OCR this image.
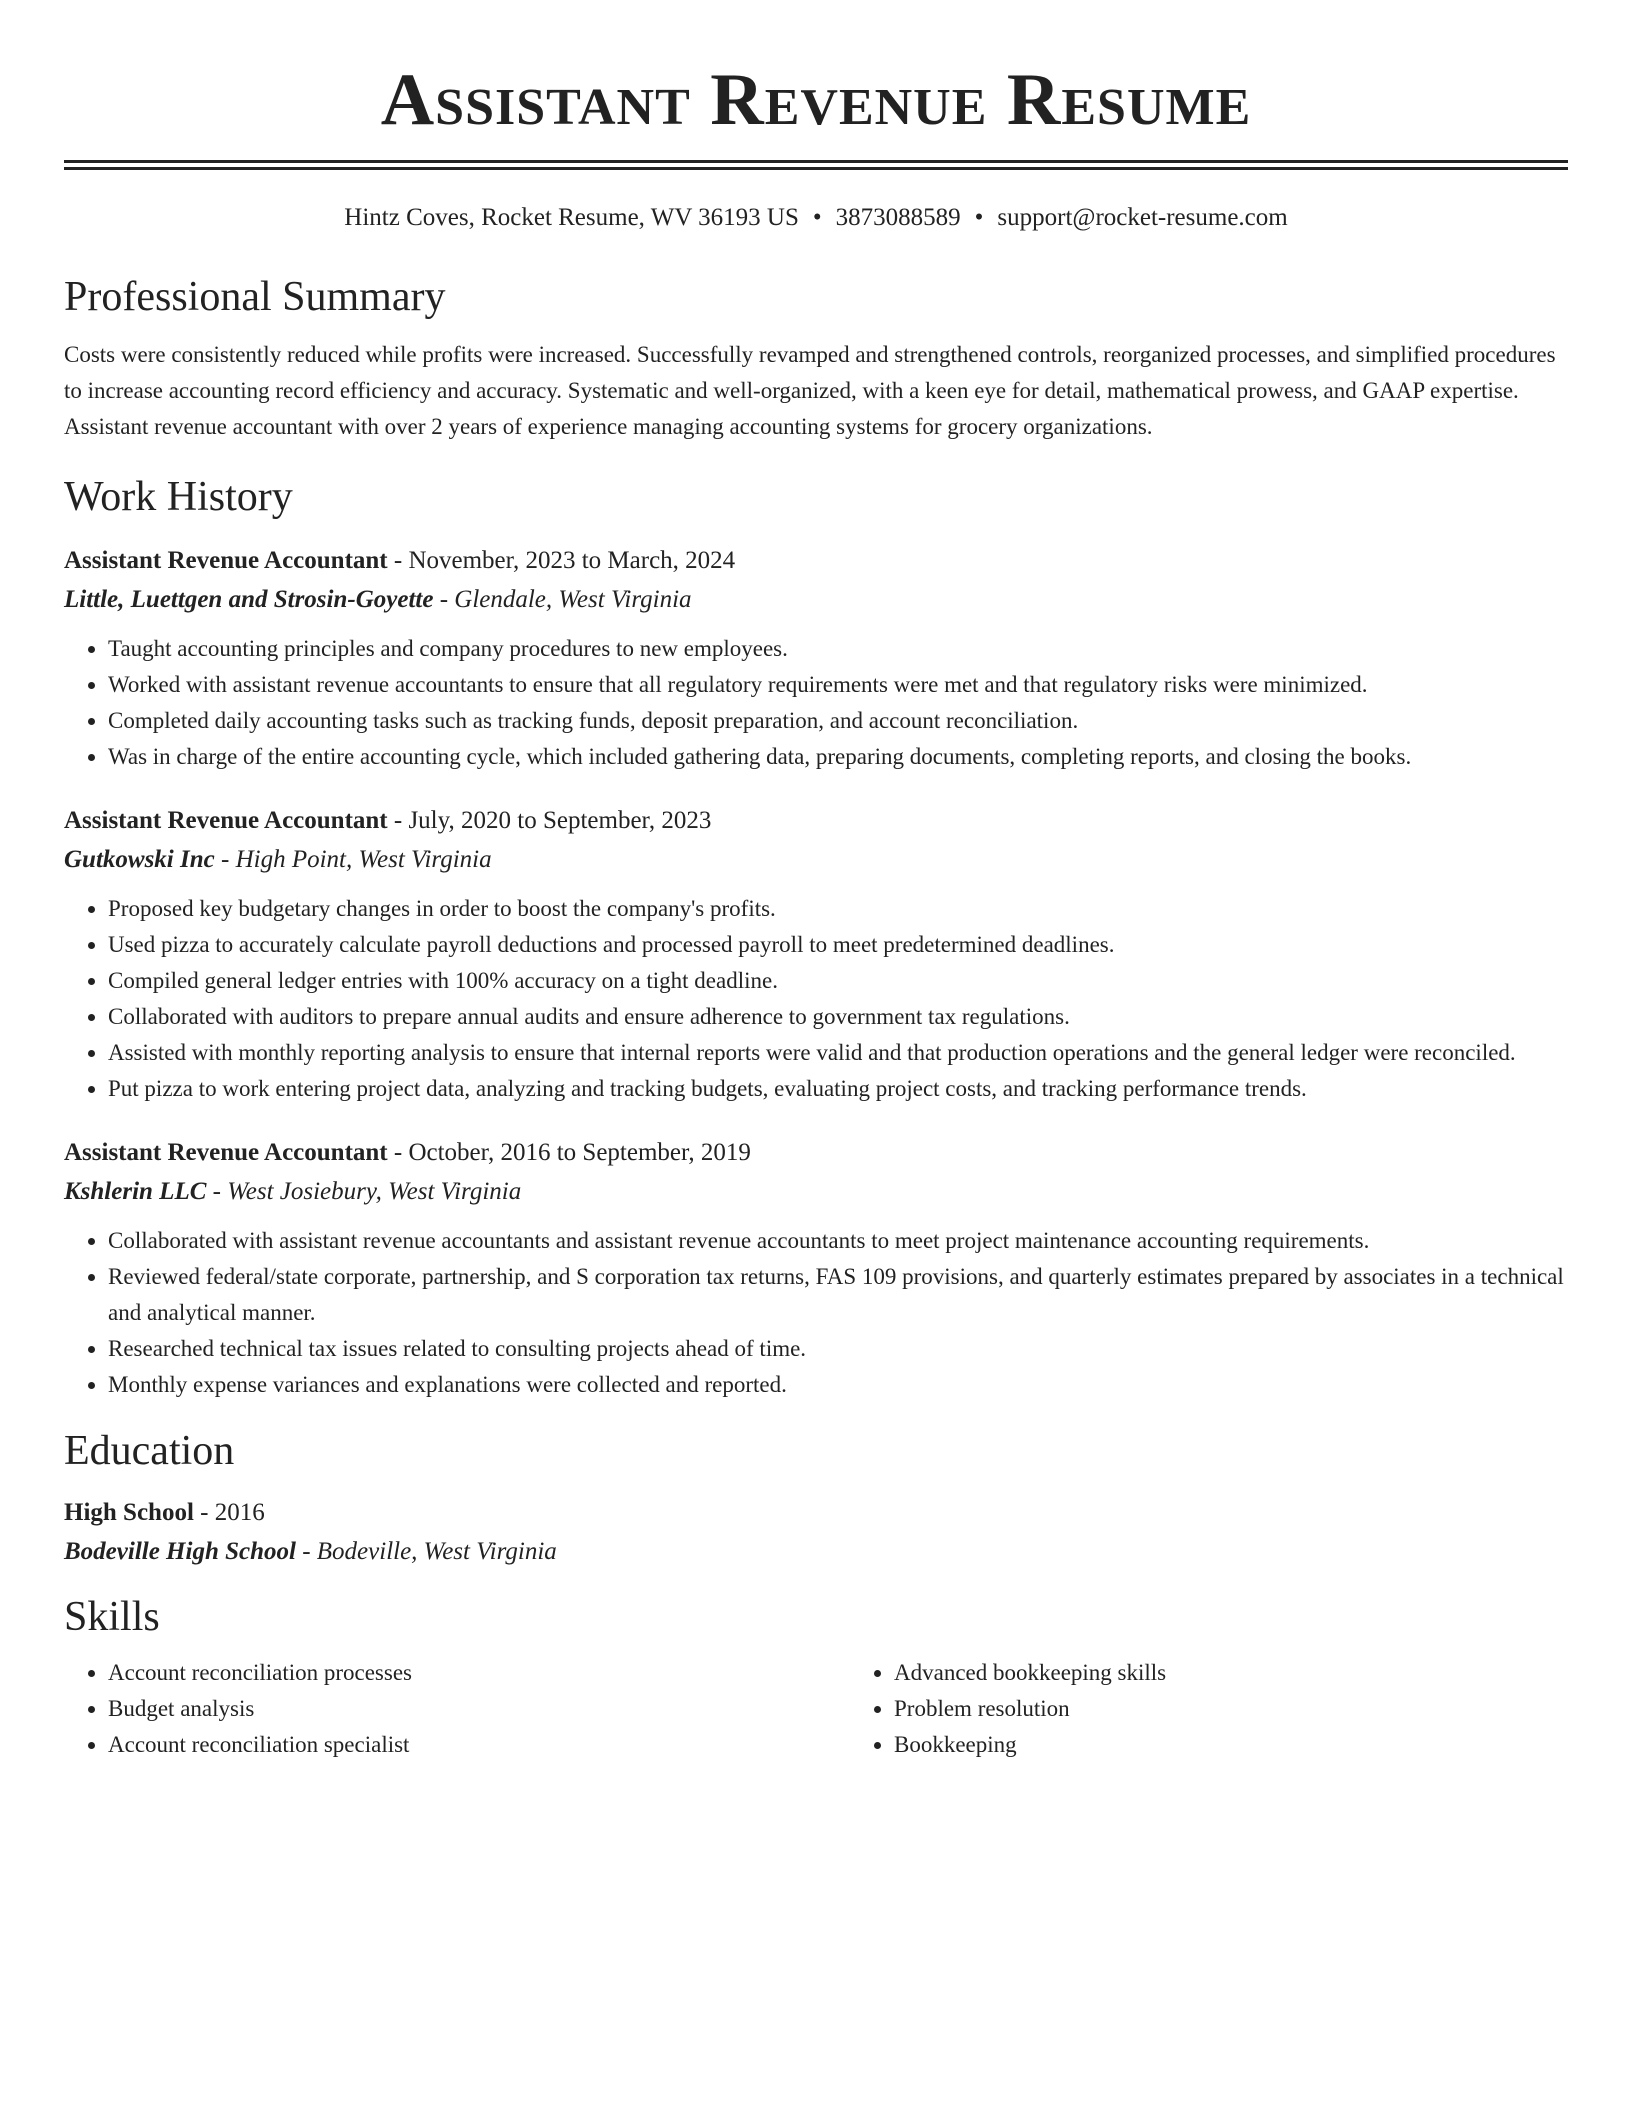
Assistant Revenue Resume
Hintz Coves, Rocket Resume, WV 36193 US • 3873088589 • support@rocket-resume.com
Professional Summary
Costs were consistently reduced while profits were increased. Successfully revamped and strengthened controls, reorganized processes, and simplified procedures to increase accounting record efficiency and accuracy. Systematic and well-organized, with a keen eye for detail, mathematical prowess, and GAAP expertise. Assistant revenue accountant with over 2 years of experience managing accounting systems for grocery organizations.
Work History
Assistant Revenue Accountant - November, 2023 to March, 2024
Little, Luettgen and Strosin-Goyette - Glendale, West Virginia
• Taught accounting principles and company procedures to new employees.
• Worked with assistant revenue accountants to ensure that all regulatory requirements were met and that regulatory risks were minimized.
• Completed daily accounting tasks such as tracking funds, deposit preparation, and account reconciliation.
• Was in charge of the entire accounting cycle, which included gathering data, preparing documents, completing reports, and closing the books.
Assistant Revenue Accountant - July, 2020 to September, 2023
Gutkowski Inc - High Point, West Virginia
• Proposed key budgetary changes in order to boost the company's profits.
• Used pizza to accurately calculate payroll deductions and processed payroll to meet predetermined deadlines.
• Compiled general ledger entries with 100% accuracy on a tight deadline.
• Collaborated with auditors to prepare annual audits and ensure adherence to government tax regulations.
• Assisted with monthly reporting analysis to ensure that internal reports were valid and that production operations and the general ledger were reconciled.
• Put pizza to work entering project data, analyzing and tracking budgets, evaluating project costs, and tracking performance trends.
Assistant Revenue Accountant - October, 2016 to September, 2019
Kshlerin LLC - West Josiebury, West Virginia
• Collaborated with assistant revenue accountants and assistant revenue accountants to meet project maintenance accounting requirements.
• Reviewed federal/state corporate, partnership, and S corporation tax returns, FAS 109 provisions, and quarterly estimates prepared by associates in a technical and analytical manner.
• Researched technical tax issues related to consulting projects ahead of time.
• Monthly expense variances and explanations were collected and reported.
Education
High School - 2016
Bodeville High School - Bodeville, West Virginia
Skills
• Account reconciliation processes
• Budget analysis
• Account reconciliation specialist
• Advanced bookkeeping skills
• Problem resolution
• Bookkeeping
